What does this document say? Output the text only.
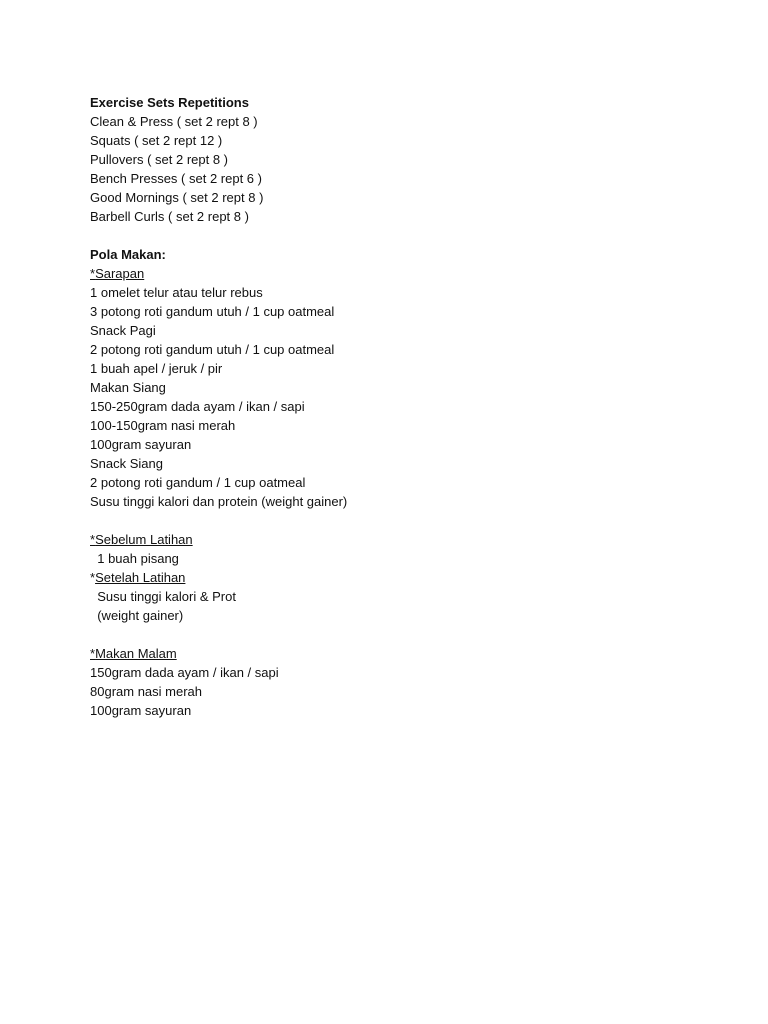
Exercise Sets Repetitions
Clean & Press ( set 2 rept 8 )
Squats ( set 2 rept 12 )
Pullovers ( set 2 rept 8 )
Bench Presses ( set 2 rept 6 )
Good Mornings ( set 2 rept 8 )
Barbell Curls ( set 2 rept 8 )
Pola Makan:
*Sarapan
1 omelet telur atau telur rebus
3 potong roti gandum utuh / 1 cup oatmeal
Snack Pagi
2 potong roti gandum utuh / 1 cup oatmeal
1 buah apel / jeruk / pir
Makan Siang
150-250gram dada ayam / ikan / sapi
100-150gram nasi merah
100gram sayuran
Snack Siang
2 potong roti gandum / 1 cup oatmeal
Susu tinggi kalori dan protein (weight gainer)
*Sebelum Latihan
1 buah pisang
*Setelah Latihan
Susu tinggi kalori & Prot
(weight gainer)
*Makan Malam
150gram dada ayam / ikan / sapi
80gram nasi merah
100gram sayuran
